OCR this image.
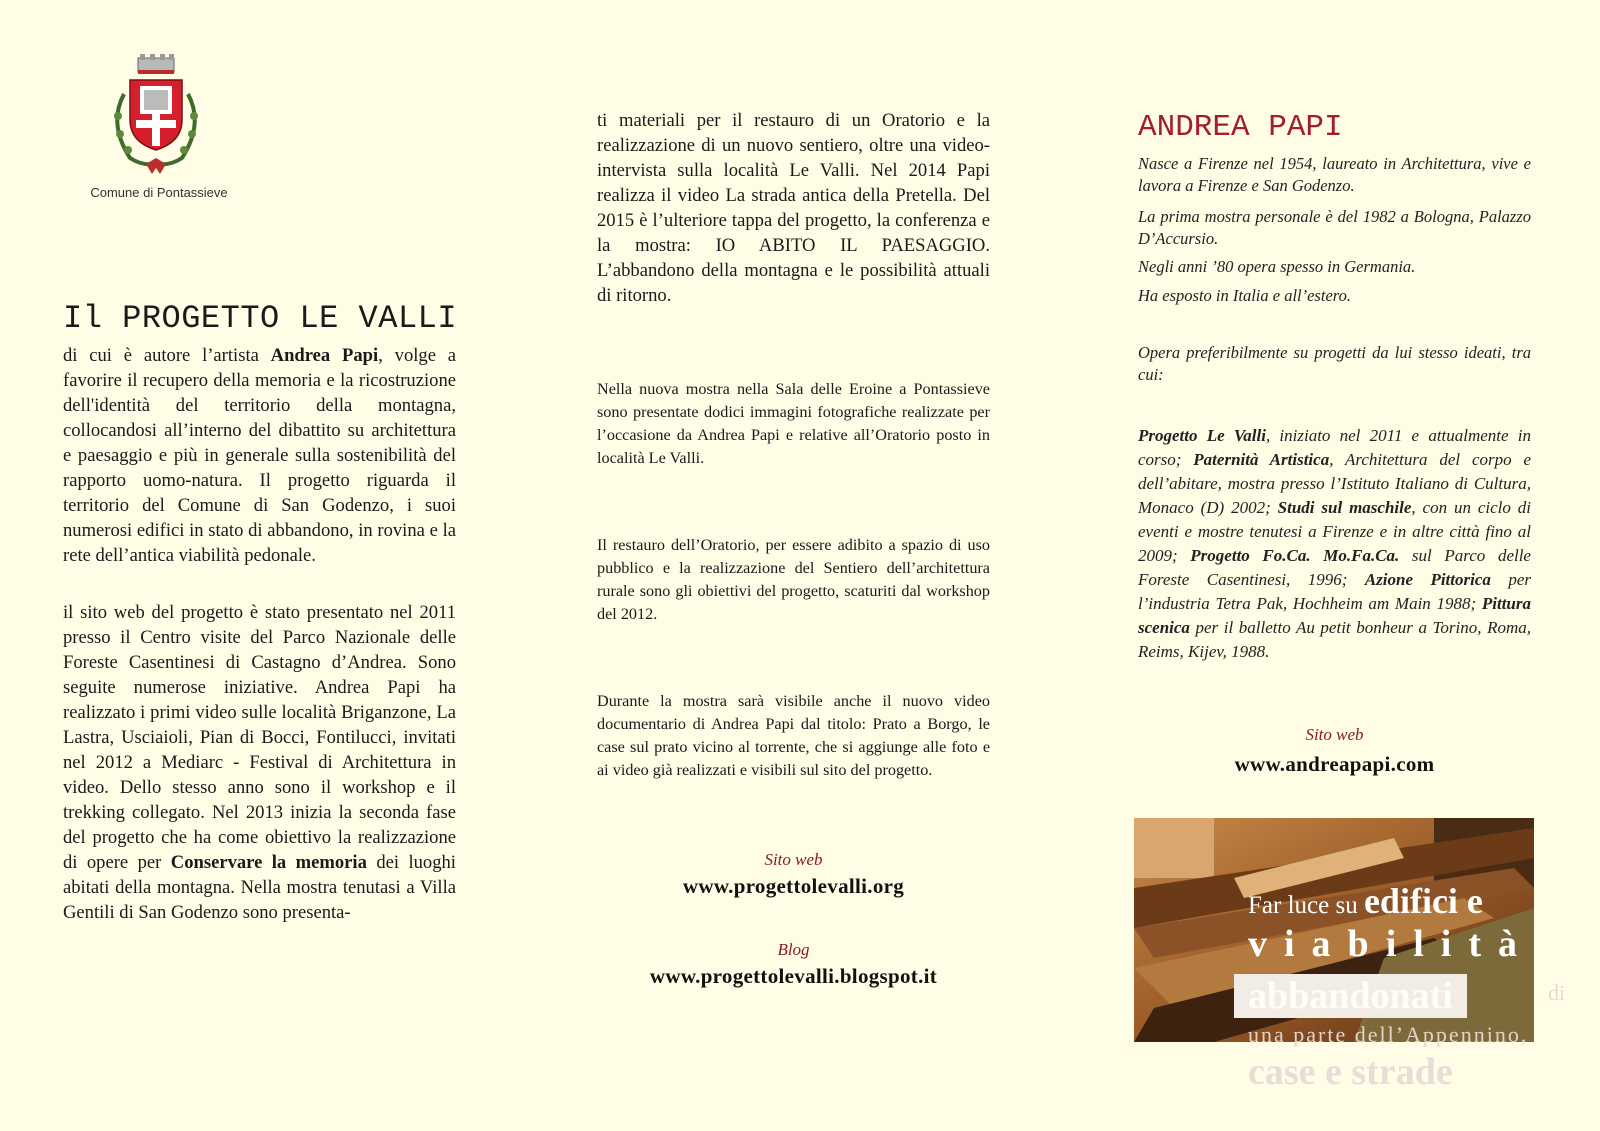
Comune di Pontassieve
Il PROGETTO LE VALLI
di cui è autore l’artista Andrea Papi, volge a favorire il recupero della memoria e la ricostruzione dell'identità del territorio della montagna, collocandosi all’interno del dibattito su architettura e paesaggio e più in generale sulla sostenibilità del rapporto uomo-natura. Il progetto riguarda il territorio del Comune di San Godenzo, i suoi numerosi edifici in stato di abbandono, in rovina e la rete dell’antica viabilità pedonale.
il sito web del progetto è stato presentato nel 2011 presso il Centro visite del Parco Nazionale delle Foreste Casentinesi di Castagno d’Andrea. Sono seguite numerose iniziative. Andrea Papi ha realizzato i primi video sulle località Briganzone, La Lastra, Usciaioli, Pian di Bocci, Fontilucci, invitati nel 2012 a Mediarc - Festival di Architettura in video. Dello stesso anno sono il workshop e il trekking collegato. Nel 2013 inizia la seconda fase del progetto che ha come obiettivo la realizzazione di opere per Conservare la memoria dei luoghi abitati della montagna. Nella mostra tenutasi a Villa Gentili di San Godenzo sono presenta-
ti materiali per il restauro di un Oratorio e la realizzazione di un nuovo sentiero, oltre una video-intervista sulla località Le Valli. Nel 2014 Papi realizza il video La strada antica della Pretella. Del 2015 è l’ulteriore tappa del progetto, la conferenza e la mostra: IO ABITO IL PAESAGGIO. L’abbandono della montagna e le possibilità attuali di ritorno.
Nella nuova mostra nella Sala delle Eroine a Pontassieve sono presentate dodici immagini fotografiche realizzate per l’occasione da Andrea Papi e relative all’Oratorio posto in località Le Valli.
Il restauro dell’Oratorio, per essere adibito a spazio di uso pubblico e la realizzazione del Sentiero dell’architettura rurale sono gli obiettivi del progetto, scaturiti dal workshop del 2012.
Durante la mostra sarà visibile anche il nuovo video documentario di Andrea Papi dal titolo: Prato a Borgo, le case sul prato vicino al torrente, che si aggiunge alle foto e ai video già realizzati e visibili sul sito del progetto.
Sito web
www.progettolevalli.org
Blog
www.progettolevalli.blogspot.it
ANDREA PAPI
Nasce a Firenze nel 1954, laureato in Architettura, vive e lavora a Firenze e San Godenzo.
La prima mostra personale è del 1982 a Bologna, Palazzo D’Accursio.
Negli anni ’80 opera spesso in Germania.
Ha esposto in Italia e all’estero.
Opera preferibilmente su progetti da lui stesso ideati, tra cui:
Progetto Le Valli, iniziato nel 2011 e attualmente in corso; Paternità Artistica, Architettura del corpo e dell’abitare, mostra presso l’Istituto Italiano di Cultura, Monaco (D) 2002; Studi sul maschile, con un ciclo di eventi e mostre tenutesi a Firenze e in altre città fino al 2009; Progetto Fo.Ca. Mo.Fa.Ca. sul Parco delle Foreste Casentinesi, 1996; Azione Pittorica per l’industria Tetra Pak, Hochheim am Main 1988; Pittura scenica per il balletto Au petit bonheur a Torino, Roma, Reims, Kijev, 1988.
Sito web
www.andreapapi.com
Far luce su edifici e
viabilità
abbandonati	di
una parte dell’Appennino,
case e strade
